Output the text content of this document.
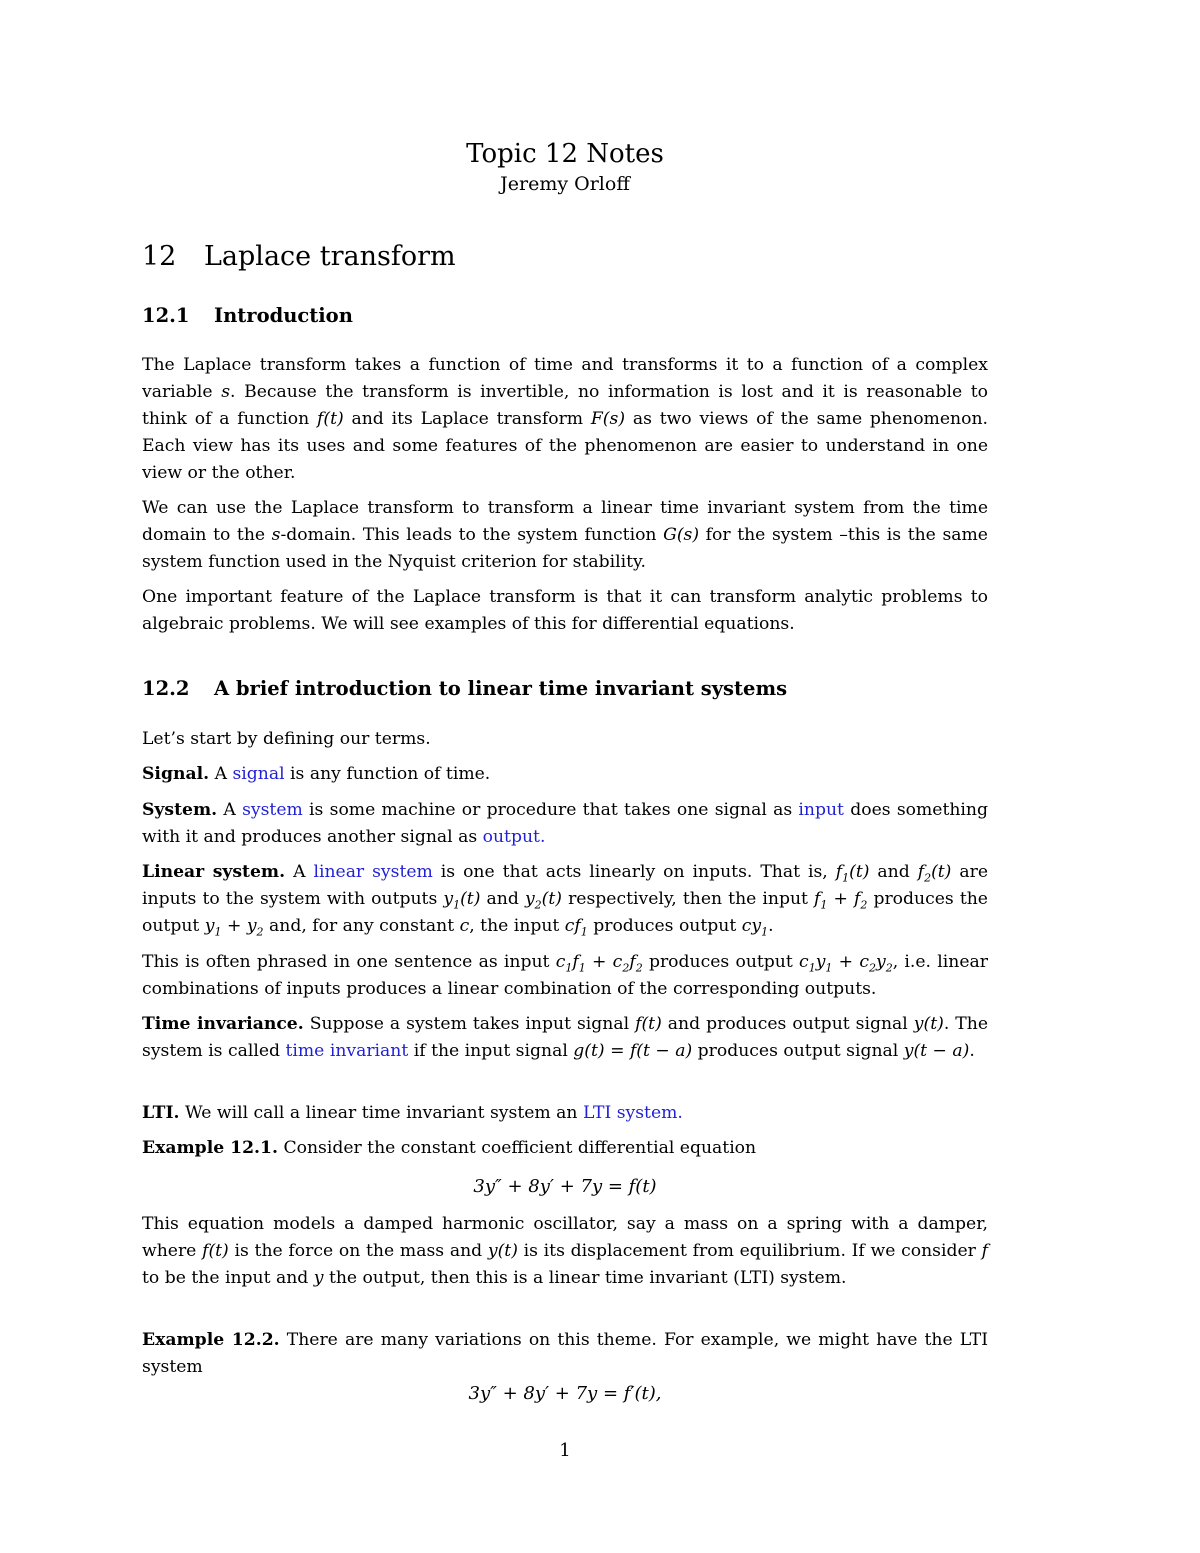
Topic 12 Notes
Jeremy Orloff
12 Laplace transform
12.1 Introduction

The Laplace transform takes a function of time and transforms it to a function of a complex variable s. Because the transform is invertible, no information is lost and it is reasonable to think of a function f(t) and its Laplace transform F(s) as two views of the same phenomenon. Each view has its uses and some features of the phenomenon are easier to understand in one view or the other.

We can use the Laplace transform to transform a linear time invariant system from the time domain to the s-domain. This leads to the system function G(s) for the system –this is the same system function used in the Nyquist criterion for stability.

One important feature of the Laplace transform is that it can transform analytic problems to algebraic problems. We will see examples of this for differential equations.

12.2 A brief introduction to linear time invariant systems

Let’s start by defining our terms.

Signal. A signal is any function of time.

System. A system is some machine or procedure that takes one signal as input does something with it and produces another signal as output.

Linear system. A linear system is one that acts linearly on inputs. That is, $f_1(t)$ and $f_2(t)$ are inputs to the system with outputs $y_1(t)$ and $y_2(t)$ respectively, then the input $f_1 + f_2$ produces the output $y_1 + y_2$ and, for any constant c, the input $cf_1$ produces output $cy_1$.

This is often phrased in one sentence as input $c_1f_1 + c_2f_2$ produces output $c_1y_1 + c_2y_2$, i.e. linear combinations of inputs produces a linear combination of the corresponding outputs.

Time invariance. Suppose a system takes input signal f(t) and produces output signal y(t). The system is called time invariant if the input signal g(t) = f(t − a) produces output signal y(t − a).

LTI. We will call a linear time invariant system an LTI system.

Example 12.1. Consider the constant coefficient differential equation

3y″ + 8y′ + 7y = f(t)

This equation models a damped harmonic oscillator, say a mass on a spring with a damper, where f(t) is the force on the mass and y(t) is its displacement from equilibrium. If we consider f to be the input and y the output, then this is a linear time invariant (LTI) system.

Example 12.2. There are many variations on this theme. For example, we might have the LTI system

3y″ + 8y′ + 7y = f′(t),
1
